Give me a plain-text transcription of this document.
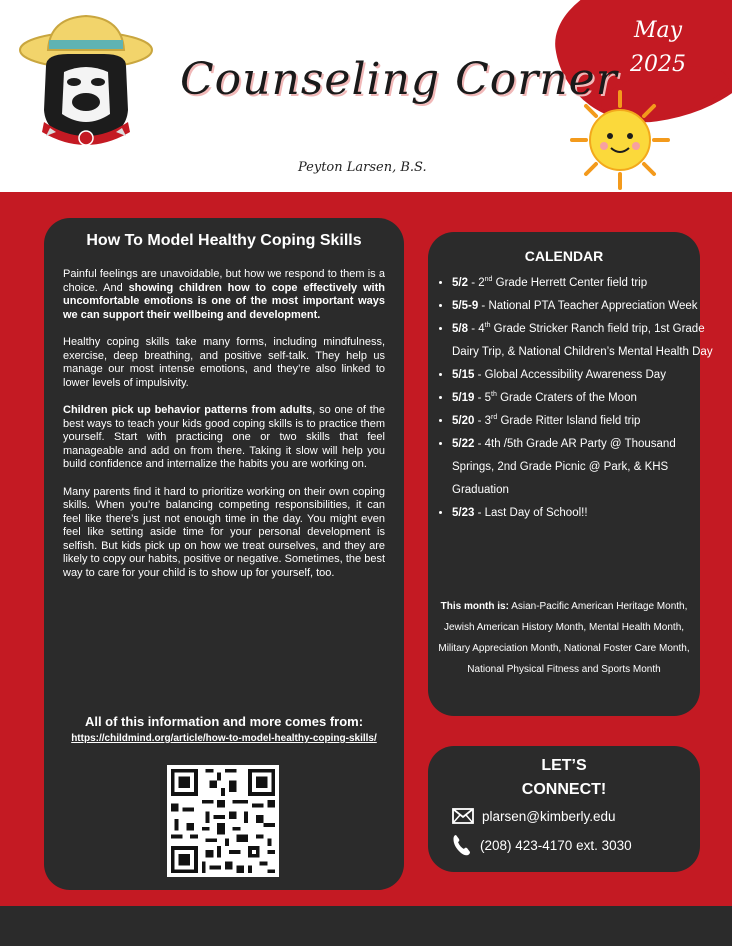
May
2025
Counseling Corner
Peyton Larsen, B.S.
How To Model Healthy Coping Skills

Painful feelings are unavoidable, but how we respond to them is a choice. And showing children how to cope effectively with uncomfortable emotions is one of the most important ways we can support their wellbeing and development.

Healthy coping skills take many forms, including mindfulness, exercise, deep breathing, and positive self-talk. They help us manage our most intense emotions, and they’re also linked to lower levels of impulsivity.

Children pick up behavior patterns from adults, so one of the best ways to teach your kids good coping skills is to practice them yourself. Start with practicing one or two skills that feel manageable and add on from there. Taking it slow will help you build confidence and internalize the habits you are working on.

Many parents find it hard to prioritize working on their own coping skills. When you’re balancing competing responsibilities, it can feel like there’s just not enough time in the day. You might even feel like setting aside time for your personal development is selfish. But kids pick up on how we treat ourselves, and they are likely to copy our habits, positive or negative. Sometimes, the best way to care for your child is to show up for yourself, too.

All of this information and more comes from:
https://childmind.org/article/how-to-model-healthy-coping-skills/
CALENDAR
• 5/2 - 2nd Grade Herrett Center field trip
• 5/5-9 - National PTA Teacher Appreciation Week
• 5/8 - 4th Grade Stricker Ranch field trip, 1st Grade Dairy Trip, & National Children’s Mental Health Day
• 5/15 - Global Accessibility Awareness Day
• 5/19 - 5th Grade Craters of the Moon
• 5/20 - 3rd Grade Ritter Island field trip
• 5/22 - 4th /5th Grade AR Party @ Thousand Springs, 2nd Grade Picnic @ Park, & KHS Graduation
• 5/23 - Last Day of School!!
This month is: Asian-Pacific American Heritage Month, Jewish American History Month, Mental Health Month, Military Appreciation Month, National Foster Care Month, National Physical Fitness and Sports Month
LET’S
CONNECT!
plarsen@kimberly.edu
(208) 423-4170 ext. 3030
